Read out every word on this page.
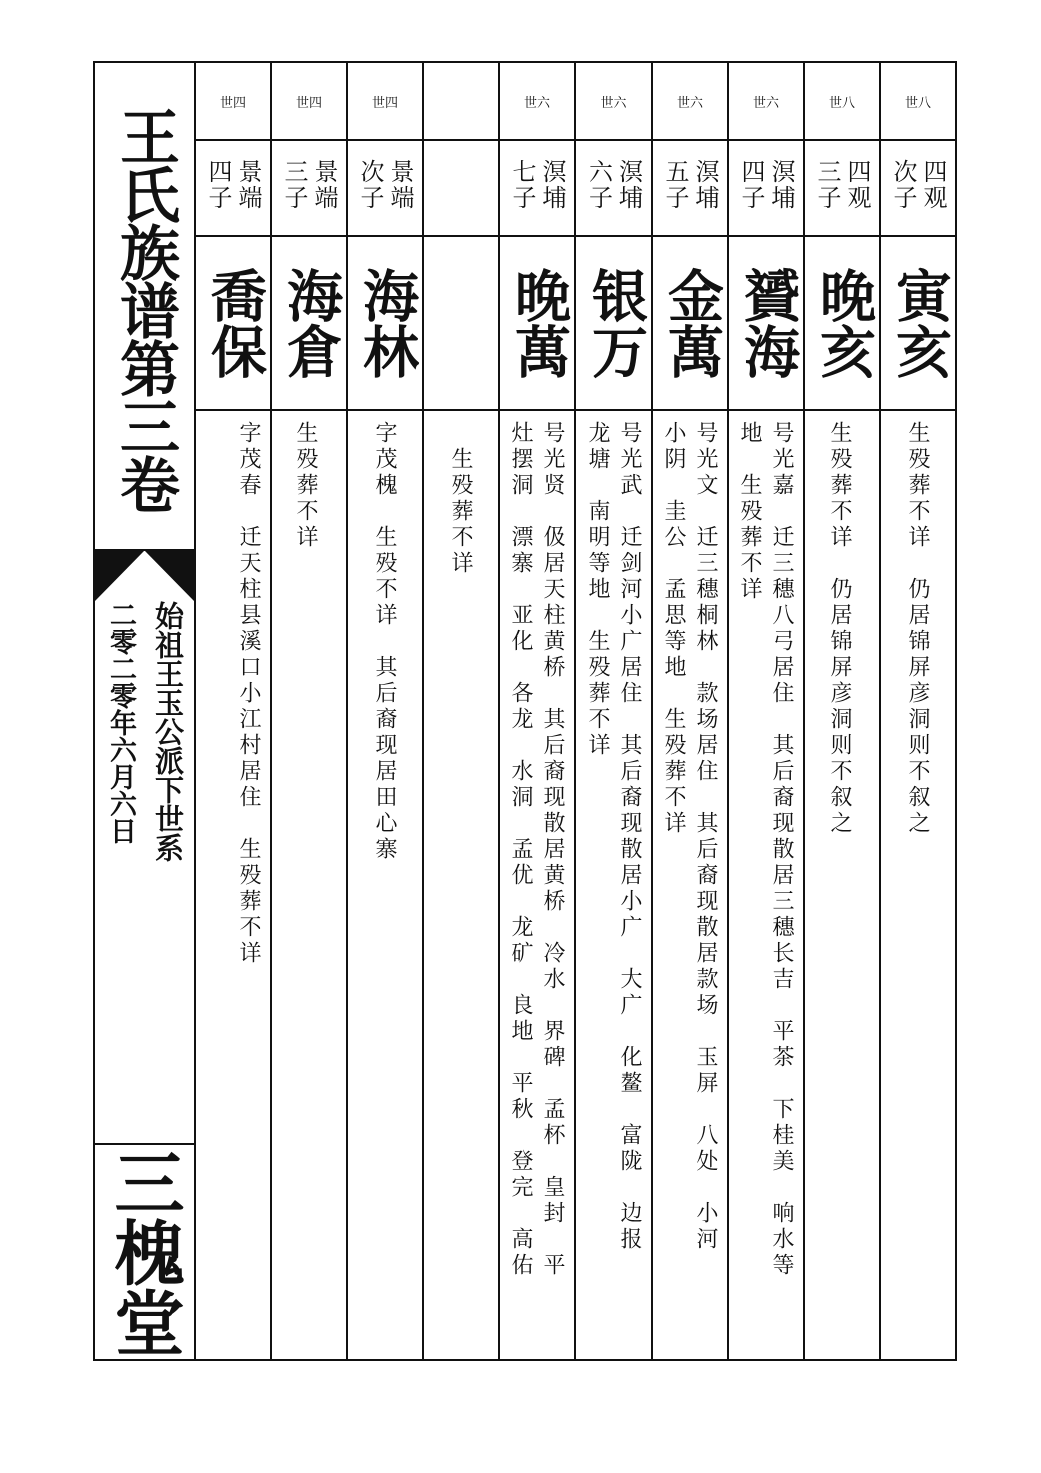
王氏族谱第三卷
始祖王玉公派下世系
二零二零年六月六日
三槐堂
世四
景端四子
喬保
字茂春　迁天柱县溪口小江村居住　生殁葬不详
世四
景端三子
海倉
生殁葬不详
世四
景端次子
海林
字茂槐　生殁不详　其后裔现居田心寨 生殁葬不详
世六
溟埔七子
晚萬
号光贤　伋居天柱黄桥　其后裔现散居黄桥　冷水　界碑　孟杯　皇封　平
灶摆洞　漂寨　亚化　各龙　水洞　孟优　龙矿　良地　平秋　登完　高佑
世六
溟埔六子
银万
号光武　迁剑河小广居住　其后裔现散居小广　大广　化鳌　富陇　边报
龙塘　南明等地　生殁葬不详
世六
溟埔五子
金萬
号光文　迁三穗桐林　款场居住　其后裔现散居款场　玉屏　八处　小河
小阴　圭公　孟思等地　生殁葬不详
世六
溟埔四子
贇海
号光嘉　迁三穗八弓居住　其后裔现散居三穗长吉　平茶　下桂美　响水等
地　生殁葬不详
世八
四观三子
晚亥
生殁葬不详　仍居锦屏彦洞则不叙之
世八
四观次子
寅亥
生殁葬不详　仍居锦屏彦洞则不叙之
